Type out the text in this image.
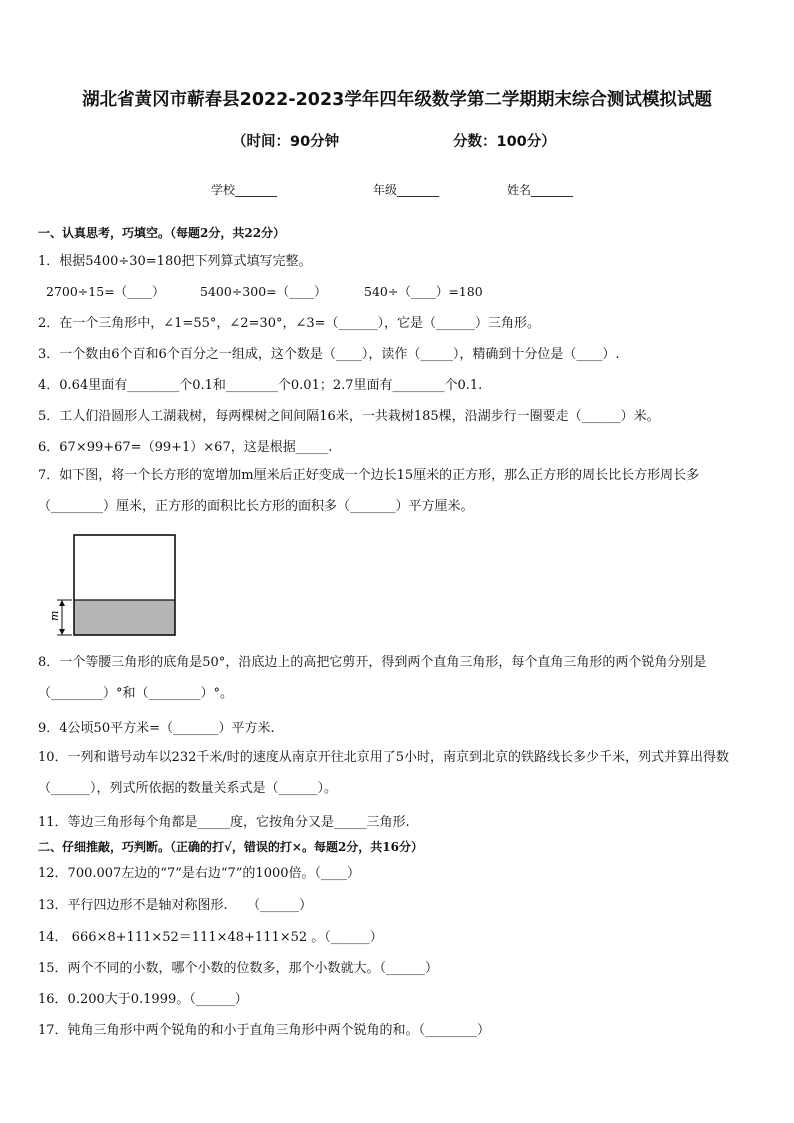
湖北省黄冈市蕲春县2022-2023学年四年级数学第二学期期末综合测试模拟试题
（时间：90分钟	分数：100分）
学校_______	年级_______	姓名_______
一、认真思考，巧填空。（每题2分，共22分）
1．根据5400÷30=180把下列算式填写完整。
2700÷15=（____）	5400÷300=（____）	540÷（____）=180
2．在一个三角形中，∠1=55°，∠2=30°，∠3=（______），它是（______）三角形。
3．一个数由6个百和6个百分之一组成，这个数是（____），读作（_____），精确到十分位是（____）.
4．0.64里面有________个0.1和________个0.01；2.7里面有________个0.1.
5．工人们沿圆形人工湖栽树，每两棵树之间间隔16米，一共栽树185棵，沿湖步行一圈要走（______）米。
6．67×99+67=（99+1）×67，这是根据_____.
7．如下图，将一个长方形的宽增加m厘米后正好变成一个边长15厘米的正方形，那么正方形的周长比长方形周长多（________）厘米，正方形的面积比长方形的面积多（_______）平方厘米。
m
8．一个等腰三角形的底角是50°，沿底边上的高把它剪开，得到两个直角三角形，每个直角三角形的两个锐角分别是（________）°和（________）°。
9．4公顷50平方米=（_______）平方米.
10．一列和谐号动车以232千米/时的速度从南京开往北京用了5小时，南京到北京的铁路线长多少千米，列式并算出得数（______），列式所依据的数量关系式是（______）。
11．等边三角形每个角都是_____度，它按角分又是_____三角形.
二、仔细推敲，巧判断。（正确的打√，错误的打×。每题2分，共16分）
12．700.007左边的“7”是右边“7”的1000倍。（____）
13．平行四边形不是轴对称图形.　　（______）
14． 666×8+111×52＝111×48+111×52 。（______）
15．两个不同的小数，哪个小数的位数多，那个小数就大。（______）
16．0.200大于0.1999。（______）
17．钝角三角形中两个锐角的和小于直角三角形中两个锐角的和。（________）
